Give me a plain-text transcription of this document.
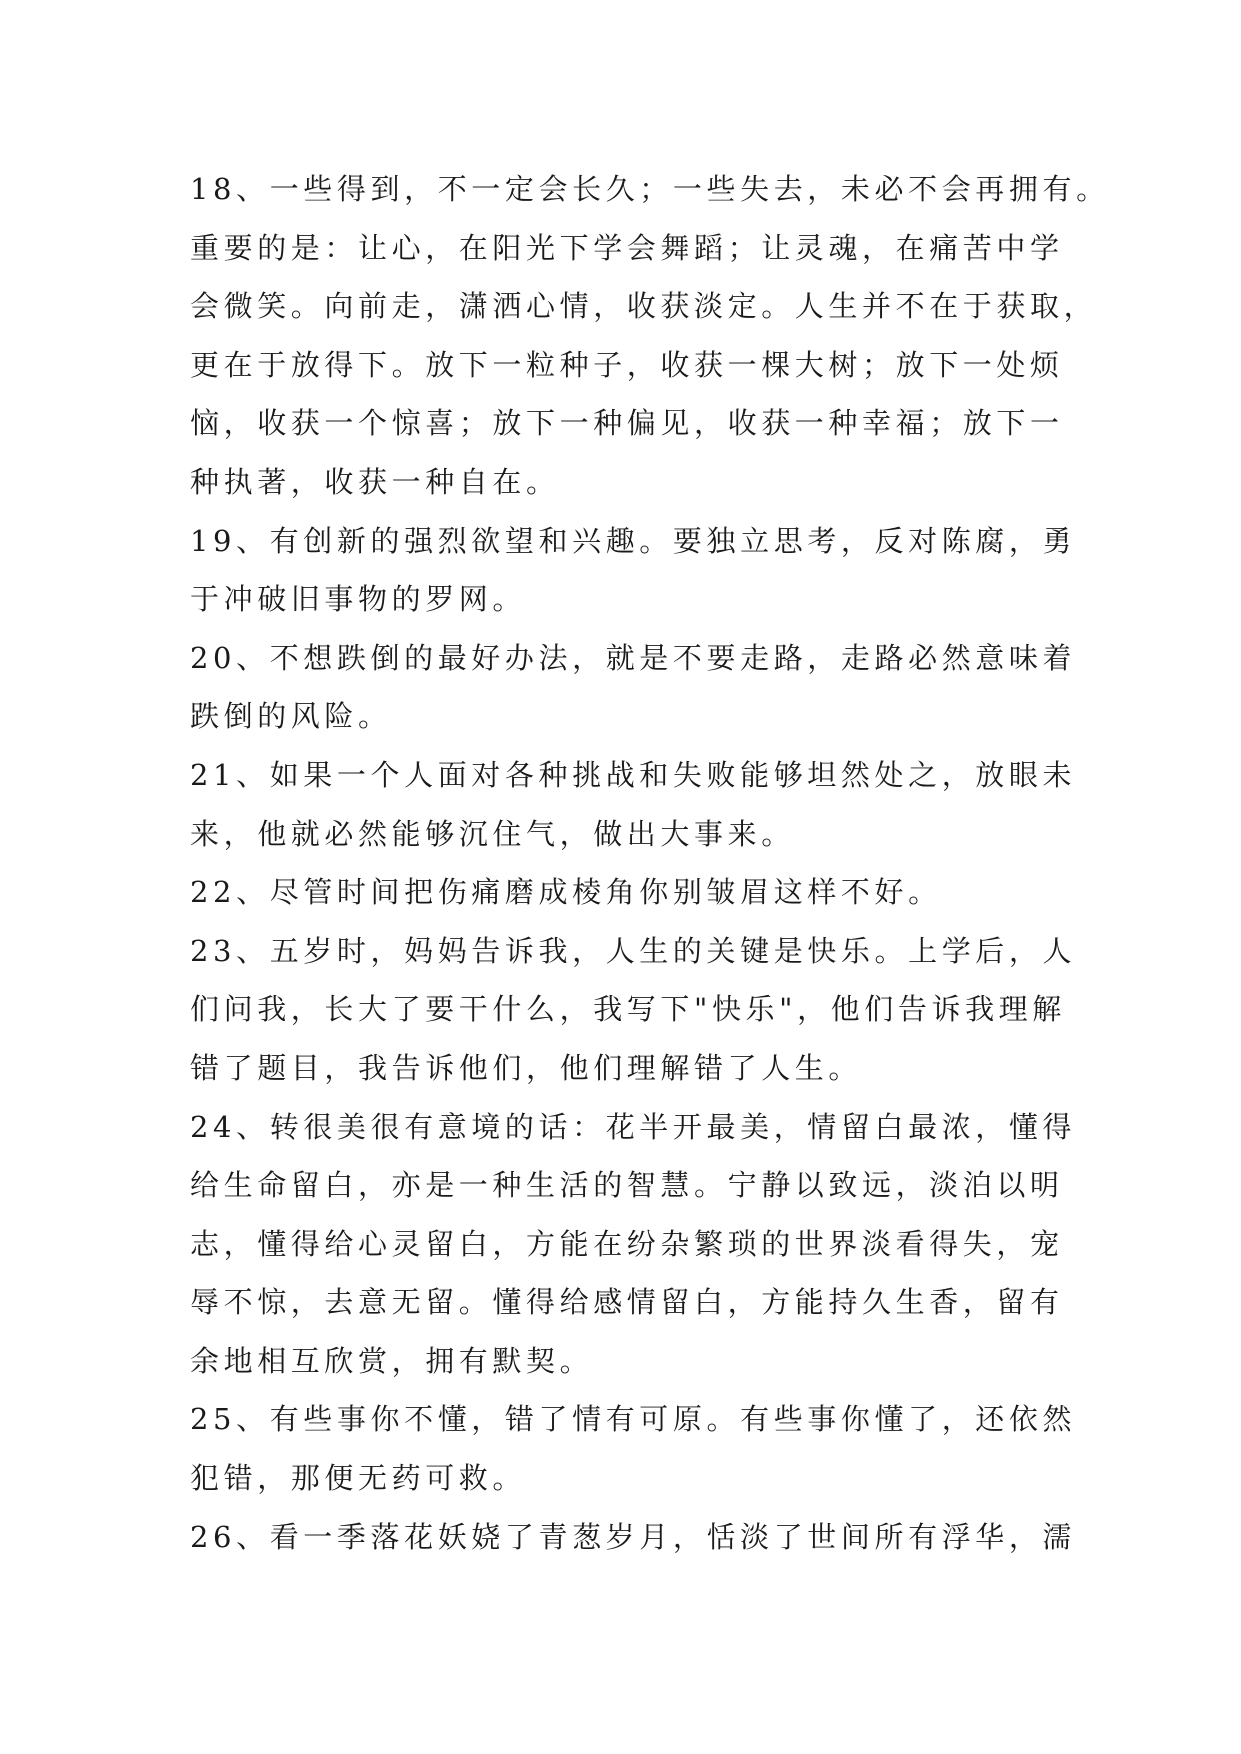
18、一些得到，不一定会长久；一些失去，未必不会再拥有。
重要的是：让心，在阳光下学会舞蹈；让灵魂，在痛苦中学
会微笑。向前走，潇洒心情，收获淡定。人生并不在于获取，
更在于放得下。放下一粒种子，收获一棵大树；放下一处烦
恼，收获一个惊喜；放下一种偏见，收获一种幸福；放下一
种执著，收获一种自在。
19、有创新的强烈欲望和兴趣。要独立思考，反对陈腐，勇
于冲破旧事物的罗网。
20、不想跌倒的最好办法，就是不要走路，走路必然意味着
跌倒的风险。
21、如果一个人面对各种挑战和失败能够坦然处之，放眼未
来，他就必然能够沉住气，做出大事来。
22、尽管时间把伤痛磨成棱角你别皱眉这样不好。
23、五岁时，妈妈告诉我，人生的关键是快乐。上学后，人
们问我，长大了要干什么，我写下"快乐"，他们告诉我理解
错了题目，我告诉他们，他们理解错了人生。
24、转很美很有意境的话：花半开最美，情留白最浓，懂得
给生命留白，亦是一种生活的智慧。宁静以致远，淡泊以明
志，懂得给心灵留白，方能在纷杂繁琐的世界淡看得失，宠
辱不惊，去意无留。懂得给感情留白，方能持久生香，留有
余地相互欣赏，拥有默契。
25、有些事你不懂，错了情有可原。有些事你懂了，还依然
犯错，那便无药可救。
26、看一季落花妖娆了青葱岁月，恬淡了世间所有浮华，濡
